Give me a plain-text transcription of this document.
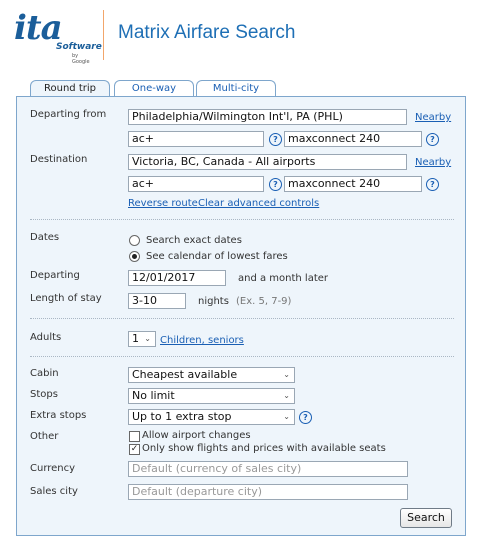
ita
Software
by Google
Matrix Airfare Search
Round trip	One-way	Multi-city
Departing from	Philadelphia/Wilmington Int'l, PA (PHL)	Nearby
ac+	? maxconnect 240	?
Destination	Victoria, BC, Canada - All airports	Nearby
ac+	? maxconnect 240	?
Reverse route Clear advanced controls
Dates	Search exact dates
See calendar of lowest fares
Departing	12/01/2017	and a month later
Length of stay	3-10	nights (Ex. 5, 7-9)
Adults	1 ⌄ Children, seniors
Cabin	Cheapest available	⌄
Stops	No limit	⌄
Extra stops	Up to 1 extra stop	⌄	?
Other	Allow airport changes
✓ Only show flights and prices with available seats
Currency	Default (currency of sales city)
Sales city	Default (departure city)
Search
